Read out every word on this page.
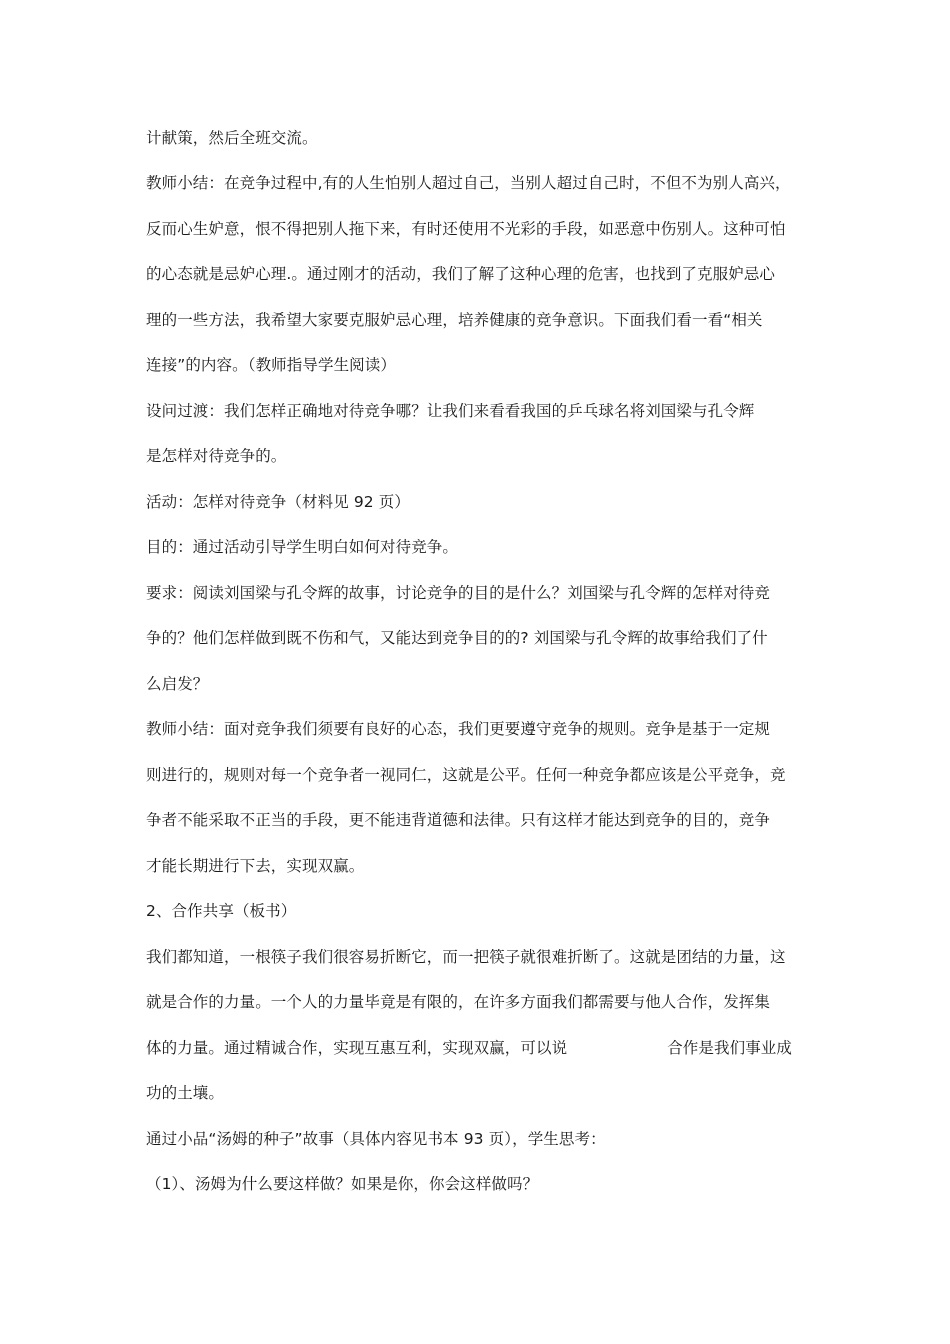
计献策，然后全班交流。

教师小结：在竞争过程中,有的人生怕别人超过自己，当别人超过自己时，不但不为别人高兴，

反而心生妒意，恨不得把别人拖下来，有时还使用不光彩的手段，如恶意中伤别人。这种可怕

的心态就是忌妒心理.。通过刚才的活动，我们了解了这种心理的危害，也找到了克服妒忌心

理的一些方法，我希望大家要克服妒忌心理，培养健康的竞争意识。下面我们看一看“相关

连接”的内容。（教师指导学生阅读）

设问过渡：我们怎样正确地对待竞争哪？让我们来看看我国的乒乓球名将刘国梁与孔令辉

是怎样对待竞争的。

活动：怎样对待竞争（材料见 92 页）

目的：通过活动引导学生明白如何对待竞争。

要求：阅读刘国梁与孔令辉的故事，讨论竞争的目的是什么？刘国梁与孔令辉的怎样对待竞

争的？他们怎样做到既不伤和气，又能达到竞争目的的? 刘国梁与孔令辉的故事给我们了什

么启发？

教师小结：面对竞争我们须要有良好的心态，我们更要遵守竞争的规则。竞争是基于一定规

则进行的，规则对每一个竞争者一视同仁，这就是公平。任何一种竞争都应该是公平竞争，竞

争者不能采取不正当的手段，更不能违背道德和法律。只有这样才能达到竞争的目的，竞争

才能长期进行下去，实现双赢。

2、合作共享（板书）

我们都知道，一根筷子我们很容易折断它，而一把筷子就很难折断了。这就是团结的力量，这

就是合作的力量。一个人的力量毕竟是有限的，在许多方面我们都需要与他人合作，发挥集

体的力量。通过精诚合作，实现互惠互利，实现双赢，可以说	合作是我们事业成

功的土壤。

通过小品“汤姆的种子”故事（具体内容见书本 93 页），学生思考：

（1）、汤姆为什么要这样做？如果是你，你会这样做吗？
